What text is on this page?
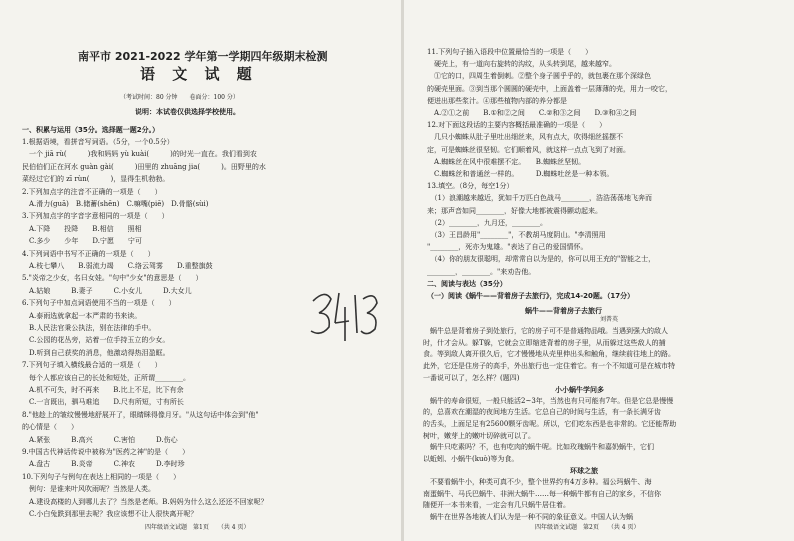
南平市 2021-2022 学年第一学期四年级期末检测
语 文 试 题
（考试时间：80 分钟　　卷面分：100 分）
说明：本试卷仅供选择学校使用。
一、积累与运用（35分。选择题一题2分。）
1.根据语境，看拼音写词语。（5分，一个0.5分）
　一个 jiā rù(　　　)我和妈妈 yù kuài(　　　)的时光一直在。我们看到农
民伯伯们正在河水 guàn gài(　　　)田里的 zhuāng jia(　　　)。田野里的水
菜经过它们的 zī rùn(　　　)，显得生机勃勃。
2.下列加点字的注音不正确的一项是（　　）
　A.滑力(guā)　B.储蓄(shēn)　C.嘛嘴(piē)　D.骨骼(sùi)
3.下列加点字的字音字意相同的一项是（　　）
　A.下降　　投降　　B.相信　　照相
　C.多少　　少年　　D.宁愿　　宁可
4.下列词语中书写不正确的一项是（　　）
　A.枝七攀八　　B.弱流力竭　　C.络云驾雾　　D.重整旗鼓
5."炎帝之少女，名曰女娃。"句中"少女"的意思是（　　）
　A.姑娘　　　B.妻子　　　C.小女儿　　　D.大女儿
6.下列句子中加点词语使用不当的一项是（　　）
　A.泰雨选就拿起一本严肃的书来读。
　B.人民法官秉公执法，别在法律的手中。
　C.公园的花丛旁，站着一位手持玉立的少女。
　D.听到自己获奖的消息，他激动得热泪盈眶。
7.下列句子填入横线最合适的一项是（　　）
　每个人都应该自己的长处和短处，正所谓________。
　A.机不可失，时不再来　　B.比上不足，比下有余
　C.一言既出，驷马难追　　D.尺有所短，寸有所长
8."他趁上的皱纹慢慢地舒展开了，眼睛眯得像月牙。"从这句话中体会到"他"
的心情是（　　）
　A.紧张　　　B.高兴　　　C.害怕　　　D.伤心
9.中国古代神话传说中被称为"医药之神"的是（　　）
　A.盘古　　　B.炎帝　　　C.神农　　　D.李时珍
10.下列句子与例句在表达上相同的一项是（　　）
　例句：是谁来叶风吹雨呢？当然是人类。
　A.建设高楼的人到哪儿去了？当然是老师。B.妈妈为什么这么还还不回家呢？
　C.小白兔跌到那里去呢？我应该想不让人很快离开呢？
四年级语文试题　第1页　　（共 4 页）
11.下列句子插入语段中位置最恰当的一项是（　　）
　硬壳上，有一道向右旋转的沟纹，从头转到尾，越来越窄。
　①它的口，四周生着倒刺。②整个身子圆乎乎的，就包裹在那个深绿色
的硬壳里面。③到当那个圆圆的硬壳中，上面盖着一层薄薄的壳，用力一咬它，
便迸出那些浆汁。④那些植物内部的养分都是
　A.②①之前　　B.①和②之间　　C.②和③之间　　D.③和④之间
12.对下面这段话的主要内容概括最准确的一项是（　　）
　几只小蜘蛛从肚子里吐出细丝来，风有点大，吹得细丝摇摆不
定，可是蜘蛛丝很坚韧。它们顺着风，就这样一点点飞到了对面。
　A.蜘蛛丝在风中很难摆不定。　　B.蜘蛛丝坚韧。
　C.蜘蛛丝和普通丝一样的。　　　D.蜘蛛吐丝是一种本领。
13.填空。（8分，每空1分）
　（1）浪潮越来越近，犹如千万匹白色战马________，浩浩荡荡地飞奔而
来；那声音如同________，好像大地都被震得颤动起来。
　（2）________，九月还，________。
　（3）王昌龄用"________"，不教胡马度阴山。"李清照用
"________，死亦为鬼雄。"表达了自己的爱国情怀。
　（4）你的朋友很聪明，却常常自以为是的，你可以用王充的"智能之士，
________，________。"来劝告他。
二、阅读与表达（35分）
（一）阅读《蜗牛——背着房子去旅行》，完成14-20题。（17分）
蜗牛——背着房子去旅行
刘普英
　蜗牛总是背着房子到处旅行，它的房子可不是普通物品哦。当遇到强大的敌人
时，什才会从。躲T躲，它就会立即缩进背着的房子里，从而躲过这些敌人的捕
食。等到敌人离开很久后，它才慢慢地从壳里伸出头和触角，继续前往地上的路。
此外，它还是住房子的高手，外出旅行也一定住着它。有一个不知道可是在城市特
一番说可以了，怎么样？(题四)
小小蜗牛学问多
　蜗牛的寿命很短，一般只能活2~3年，当然也有只可能有7年。但是它总是慢慢
的，总喜欢在潮湿的夜间地方生活。它总自己的时间与生活，有一条长满牙齿
的舌头，上面足足有25600颗牙齿呢。所以，它们吃东西是也非常的。它还能帮助
树叶，嫩芽上的嫩叶切碎就可以了。
　蜗牛只吃素吗？不，也有吃肉的蜗牛呢。比如玫瑰蜗牛和嘉奶蜗牛，它们
以蚯蚓、小蜗牛(kuò)等为食。
环球之旅
　不要看蜗牛小，种类可真不少，整个世界约有4万多种。福公玛蜗牛、海
南蛋蜗牛、马氏巴蜗牛、非洲大蜗牛……每一种蜗牛都有自己的家乡，不信你
随便开一本书来看，一定会有几只蜗牛居住着。
　蜗牛在世界各地被人们认为是一种不同的象征意义。中国人认为蜗
四年级语文试题　第2页　　（共 4 页）
